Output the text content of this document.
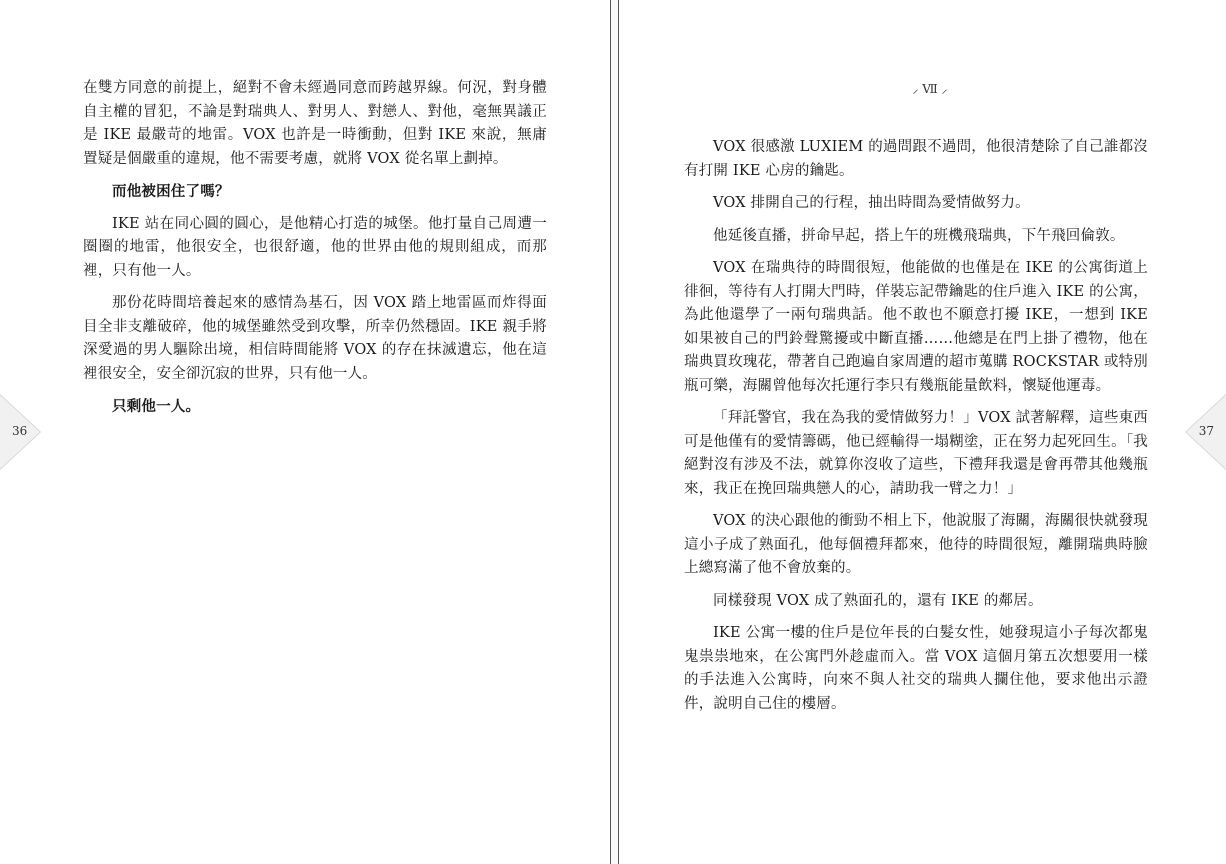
在雙方同意的前提上，絕對不會未經過同意而跨越界線。何況，對身體自主權的冒犯，不論是對瑞典人、對男人、對戀人、對他，毫無異議正是 IKE 最嚴苛的地雷。VOX 也許是一時衝動，但對 IKE 來說，無庸置疑是個嚴重的違規，他不需要考慮，就將 VOX 從名單上劃掉。

而他被困住了嗎？

IKE 站在同心圓的圓心，是他精心打造的城堡。他打量自己周遭一圈圈的地雷，他很安全，也很舒適，他的世界由他的規則組成，而那裡，只有他一人。

那份花時間培養起來的感情為基石，因 VOX 踏上地雷區而炸得面目全非支離破碎，他的城堡雖然受到攻擊，所幸仍然穩固。IKE 親手將深愛過的男人驅除出境，相信時間能將 VOX 的存在抹滅遺忘，他在這裡很安全，安全卻沉寂的世界，只有他一人。

只剩他一人。

⸝ Ⅶ ⸝

VOX 很感激 LUXIEM 的過問跟不過問，他很清楚除了自己誰都沒有打開 IKE 心房的鑰匙。

VOX 排開自己的行程，抽出時間為愛情做努力。

他延後直播，拼命早起，搭上午的班機飛瑞典，下午飛回倫敦。

VOX 在瑞典待的時間很短，他能做的也僅是在 IKE 的公寓街道上徘徊，等待有人打開大門時，佯裝忘記帶鑰匙的住戶進入 IKE 的公寓，為此他還學了一兩句瑞典話。他不敢也不願意打擾 IKE，一想到 IKE 如果被自己的門鈴聲驚擾或中斷直播……他總是在門上掛了禮物，他在瑞典買玫瑰花，帶著自己跑遍自家周遭的超市蒐購 ROCKSTAR 或特別瓶可樂，海關曾他每次托運行李只有幾瓶能量飲料，懷疑他運毒。

「拜託警官，我在為我的愛情做努力！」VOX 試著解釋，這些東西可是他僅有的愛情籌碼，他已經輸得一塌糊塗，正在努力起死回生。「我絕對沒有涉及不法，就算你沒收了這些，下禮拜我還是會再帶其他幾瓶來，我正在挽回瑞典戀人的心，請助我一臂之力！」

VOX 的決心跟他的衝勁不相上下，他說服了海關，海關很快就發現這小子成了熟面孔，他每個禮拜都來，他待的時間很短，離開瑞典時臉上總寫滿了他不會放棄的。

同樣發現 VOX 成了熟面孔的，還有 IKE 的鄰居。

IKE 公寓一樓的住戶是位年長的白髮女性，她發現這小子每次都鬼鬼祟祟地來，在公寓門外趁虛而入。當 VOX 這個月第五次想要用一樣的手法進入公寓時，向來不與人社交的瑞典人攔住他，要求他出示證件，說明自己住的樓層。

36	37
